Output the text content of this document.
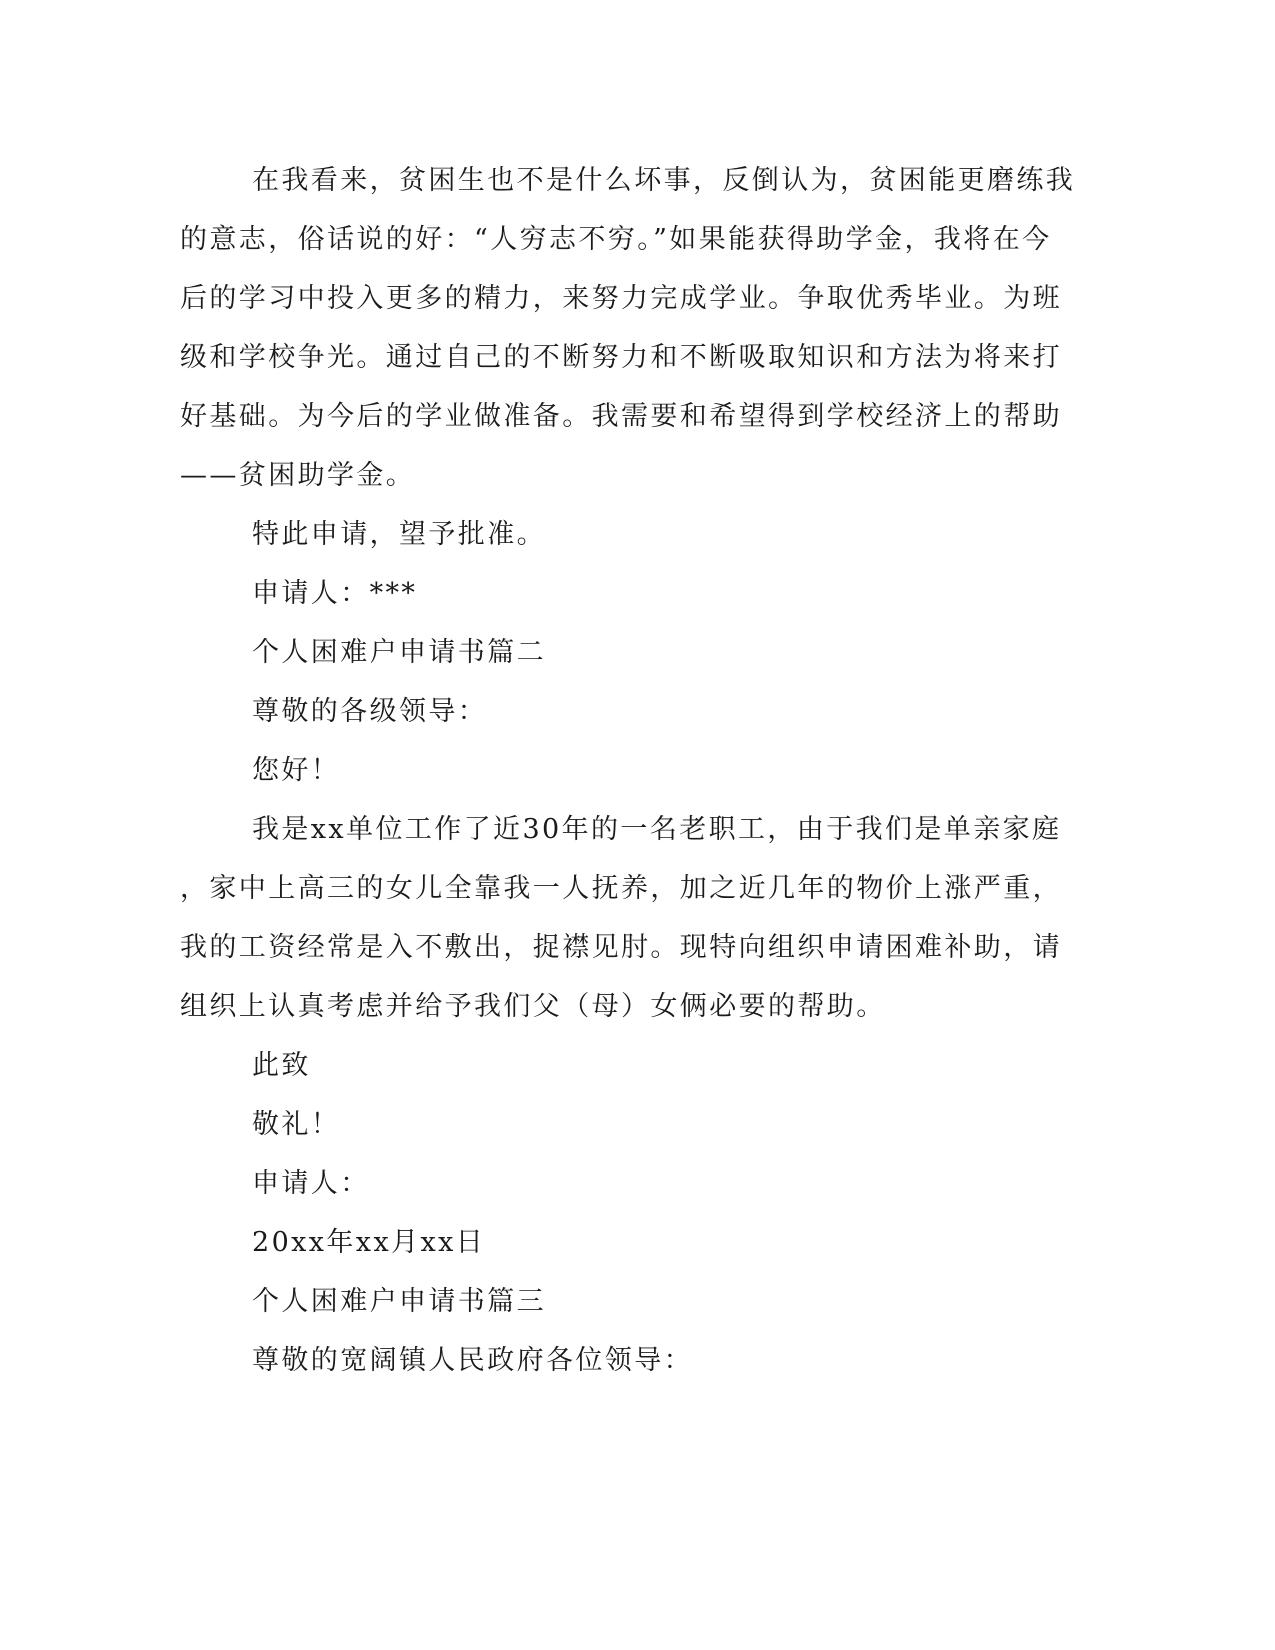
在我看来，贫困生也不是什么坏事，反倒认为，贫困能更磨练我

的意志，俗话说的好：“人穷志不穷。”如果能获得助学金，我将在今

后的学习中投入更多的精力，来努力完成学业。争取优秀毕业。为班

级和学校争光。通过自己的不断努力和不断吸取知识和方法为将来打

好基础。为今后的学业做准备。我需要和希望得到学校经济上的帮助

——贫困助学金。

特此申请，望予批准。

申请人：***

个人困难户申请书篇二

尊敬的各级领导：

您好！

我是xx单位工作了近30年的一名老职工，由于我们是单亲家庭

，家中上高三的女儿全靠我一人抚养，加之近几年的物价上涨严重，

我的工资经常是入不敷出，捉襟见肘。现特向组织申请困难补助，请

组织上认真考虑并给予我们父（母）女俩必要的帮助。

此致

敬礼！

申请人：

20xx年xx月xx日

个人困难户申请书篇三

尊敬的宽阔镇人民政府各位领导：
